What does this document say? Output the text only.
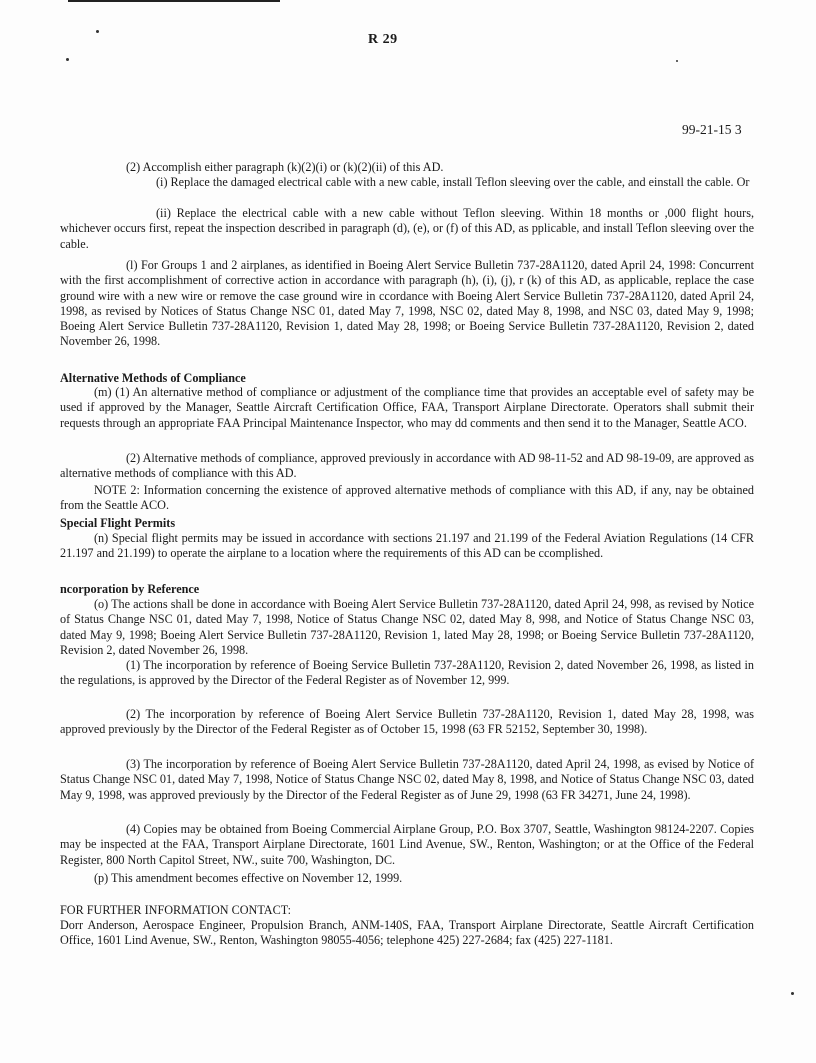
R 29
99-21-15 3
(2) Accomplish either paragraph (k)(2)(i) or (k)(2)(ii) of this AD.
(i) Replace the damaged electrical cable with a new cable, install Teflon sleeving over the cable, and einstall the cable. Or
(ii) Replace the electrical cable with a new cable without Teflon sleeving. Within 18 months or ,000 flight hours, whichever occurs first, repeat the inspection described in paragraph (d), (e), or (f) of this AD, as pplicable, and install Teflon sleeving over the cable.
(l) For Groups 1 and 2 airplanes, as identified in Boeing Alert Service Bulletin 737-28A1120, dated April 24, 1998: Concurrent with the first accomplishment of corrective action in accordance with paragraph (h), (i), (j), r (k) of this AD, as applicable, replace the case ground wire with a new wire or remove the case ground wire in ccordance with Boeing Alert Service Bulletin 737-28A1120, dated April 24, 1998, as revised by Notices of Status Change NSC 01, dated May 7, 1998, NSC 02, dated May 8, 1998, and NSC 03, dated May 9, 1998; Boeing Alert Service Bulletin 737-28A1120, Revision 1, dated May 28, 1998; or Boeing Service Bulletin 737-28A1120, Revision 2, dated November 26, 1998.
Alternative Methods of Compliance
(m) (1) An alternative method of compliance or adjustment of the compliance time that provides an acceptable evel of safety may be used if approved by the Manager, Seattle Aircraft Certification Office, FAA, Transport Airplane Directorate. Operators shall submit their requests through an appropriate FAA Principal Maintenance Inspector, who may dd comments and then send it to the Manager, Seattle ACO.
(2) Alternative methods of compliance, approved previously in accordance with AD 98-11-52 and AD 98-19-09, are approved as alternative methods of compliance with this AD.
NOTE 2: Information concerning the existence of approved alternative methods of compliance with this AD, if any, nay be obtained from the Seattle ACO.
Special Flight Permits
(n) Special flight permits may be issued in accordance with sections 21.197 and 21.199 of the Federal Aviation Regulations (14 CFR 21.197 and 21.199) to operate the airplane to a location where the requirements of this AD can be ccomplished.
ncorporation by Reference
(o) The actions shall be done in accordance with Boeing Alert Service Bulletin 737-28A1120, dated April 24, 998, as revised by Notice of Status Change NSC 01, dated May 7, 1998, Notice of Status Change NSC 02, dated May 8, 998, and Notice of Status Change NSC 03, dated May 9, 1998; Boeing Alert Service Bulletin 737-28A1120, Revision 1, lated May 28, 1998; or Boeing Service Bulletin 737-28A1120, Revision 2, dated November 26, 1998.
(1) The incorporation by reference of Boeing Service Bulletin 737-28A1120, Revision 2, dated November 26, 1998, as listed in the regulations, is approved by the Director of the Federal Register as of November 12, 999.
(2) The incorporation by reference of Boeing Alert Service Bulletin 737-28A1120, Revision 1, dated May 28, 1998, was approved previously by the Director of the Federal Register as of October 15, 1998 (63 FR 52152, September 30, 1998).
(3) The incorporation by reference of Boeing Alert Service Bulletin 737-28A1120, dated April 24, 1998, as evised by Notice of Status Change NSC 01, dated May 7, 1998, Notice of Status Change NSC 02, dated May 8, 1998, and Notice of Status Change NSC 03, dated May 9, 1998, was approved previously by the Director of the Federal Register as of June 29, 1998 (63 FR 34271, June 24, 1998).
(4) Copies may be obtained from Boeing Commercial Airplane Group, P.O. Box 3707, Seattle, Washington 98124-2207. Copies may be inspected at the FAA, Transport Airplane Directorate, 1601 Lind Avenue, SW., Renton, Washington; or at the Office of the Federal Register, 800 North Capitol Street, NW., suite 700, Washington, DC.
(p) This amendment becomes effective on November 12, 1999.
FOR FURTHER INFORMATION CONTACT:
Dorr Anderson, Aerospace Engineer, Propulsion Branch, ANM-140S, FAA, Transport Airplane Directorate, Seattle Aircraft Certification Office, 1601 Lind Avenue, SW., Renton, Washington 98055-4056; telephone 425) 227-2684; fax (425) 227-1181.
